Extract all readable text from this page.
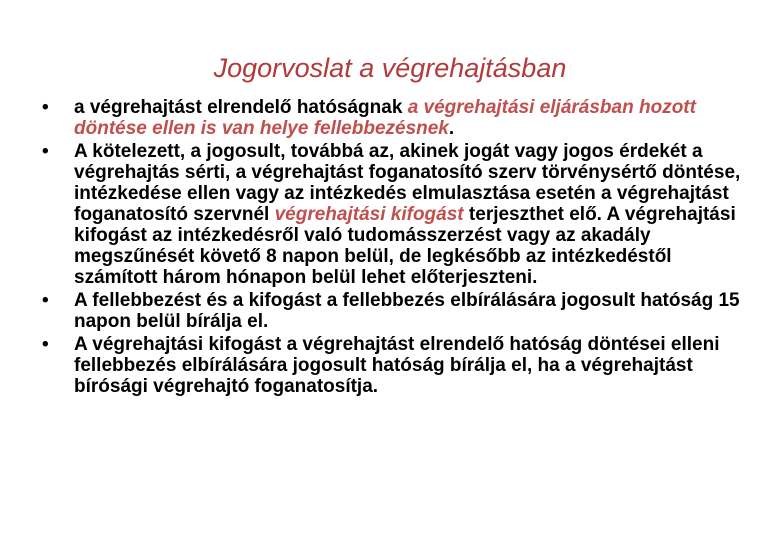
Jogorvoslat a végrehajtásban
•	a végrehajtást elrendelő hatóságnak a végrehajtási eljárásban hozott döntése ellen is van helye fellebbezésnek.
•	A kötelezett, a jogosult, továbbá az, akinek jogát vagy jogos érdekét a végrehajtás sérti, a végrehajtást foganatosító szerv törvénysértő döntése, intézkedése ellen vagy az intézkedés elmulasztása esetén a végrehajtást foganatosító szervnél végrehajtási kifogást terjeszthet elő. A végrehajtási kifogást az intézkedésről való tudomásszerzést vagy az akadály megszűnését követő 8 napon belül, de legkésőbb az intézkedéstől számított három hónapon belül lehet előterjeszteni.
•	A fellebbezést és a kifogást a fellebbezés elbírálására jogosult hatóság 15 napon belül bírálja el.
•	A végrehajtási kifogást a végrehajtást elrendelő hatóság döntései elleni fellebbezés elbírálására jogosult hatóság bírálja el, ha a végrehajtást bírósági végrehajtó foganatosítja.
